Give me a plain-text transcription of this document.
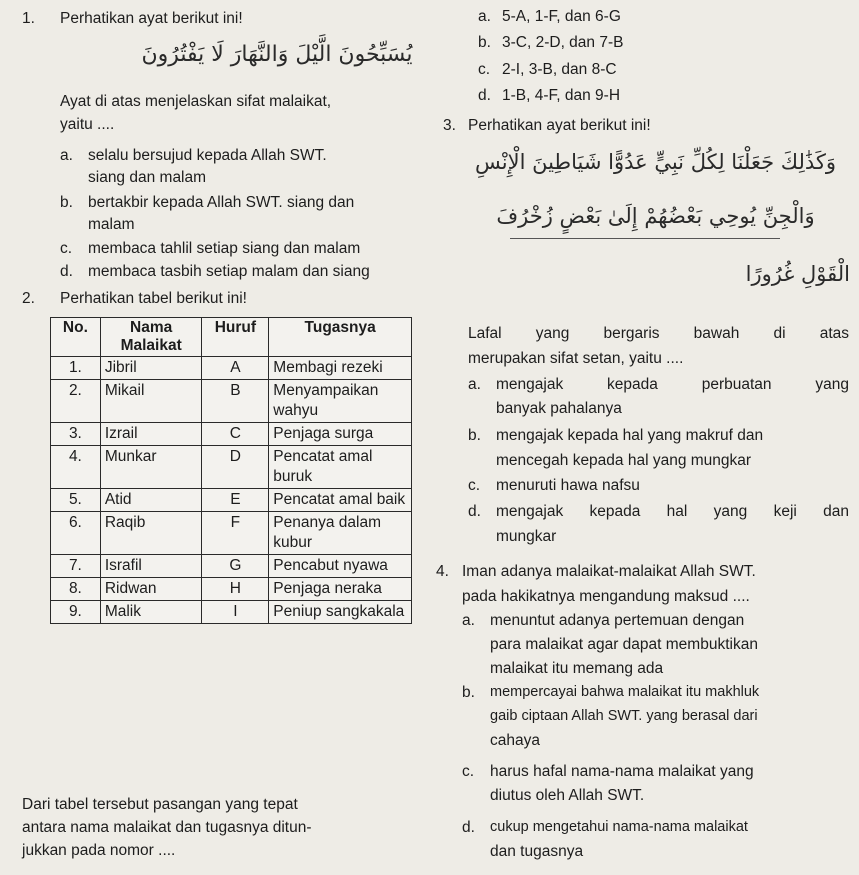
1. Perhatikan ayat berikut ini!
يُسَبِّحُونَ الَّيْلَ وَالنَّهَارَ لَا يَفْتُرُونَ
Ayat di atas menjelaskan sifat malaikat,
yaitu ....
a. selalu bersujud kepada Allah SWT.
siang dan malam
b. bertakbir kepada Allah SWT. siang dan
malam
c. membaca tahlil setiap siang dan malam
d. membaca tasbih setiap malam dan siang
2. Perhatikan tabel berikut ini!
No.	Nama Malaikat	Huruf	Tugasnya
1.	Jibril	A	Membagi rezeki
2.	Mikail	B	Menyampaikan wahyu
3.	Izrail	C	Penjaga surga
4.	Munkar	D	Pencatat amal buruk
5.	Atid	E	Pencatat amal baik
6.	Raqib	F	Penanya dalam kubur
7.	Israfil	G	Pencabut nyawa
8.	Ridwan	H	Penjaga neraka
9.	Malik	I	Peniup sangkakala
Dari tabel tersebut pasangan yang tepat
antara nama malaikat dan tugasnya ditun-
jukkan pada nomor ....
a. 5-A, 1-F, dan 6-G
b. 3-C, 2-D, dan 7-B
c. 2-I, 3-B, dan 8-C
d. 1-B, 4-F, dan 9-H
3. Perhatikan ayat berikut ini!
وَكَذَٰلِكَ جَعَلْنَا لِكُلِّ نَبِيٍّ عَدُوًّا شَيَاطِينَ الْإِنْسِ
وَالْجِنِّ يُوحِي بَعْضُهُمْ إِلَىٰ بَعْضٍ زُخْرُفَ
الْقَوْلِ غُرُورًا
Lafal yang bergaris bawah di atas
merupakan sifat setan, yaitu ....
a. mengajak kepada perbuatan yang
banyak pahalanya
b. mengajak kepada hal yang makruf dan
mencegah kepada hal yang mungkar
c. menuruti hawa nafsu
d. mengajak kepada hal yang keji dan
mungkar
4. Iman adanya malaikat-malaikat Allah SWT.
pada hakikatnya mengandung maksud ....
a. menuntut adanya pertemuan dengan
para malaikat agar dapat membuktikan
malaikat itu memang ada
b. mempercayai bahwa malaikat itu makhluk
gaib ciptaan Allah SWT. yang berasal dari
cahaya
c. harus hafal nama-nama malaikat yang
diutus oleh Allah SWT.
d. cukup mengetahui nama-nama malaikat
dan tugasnya
